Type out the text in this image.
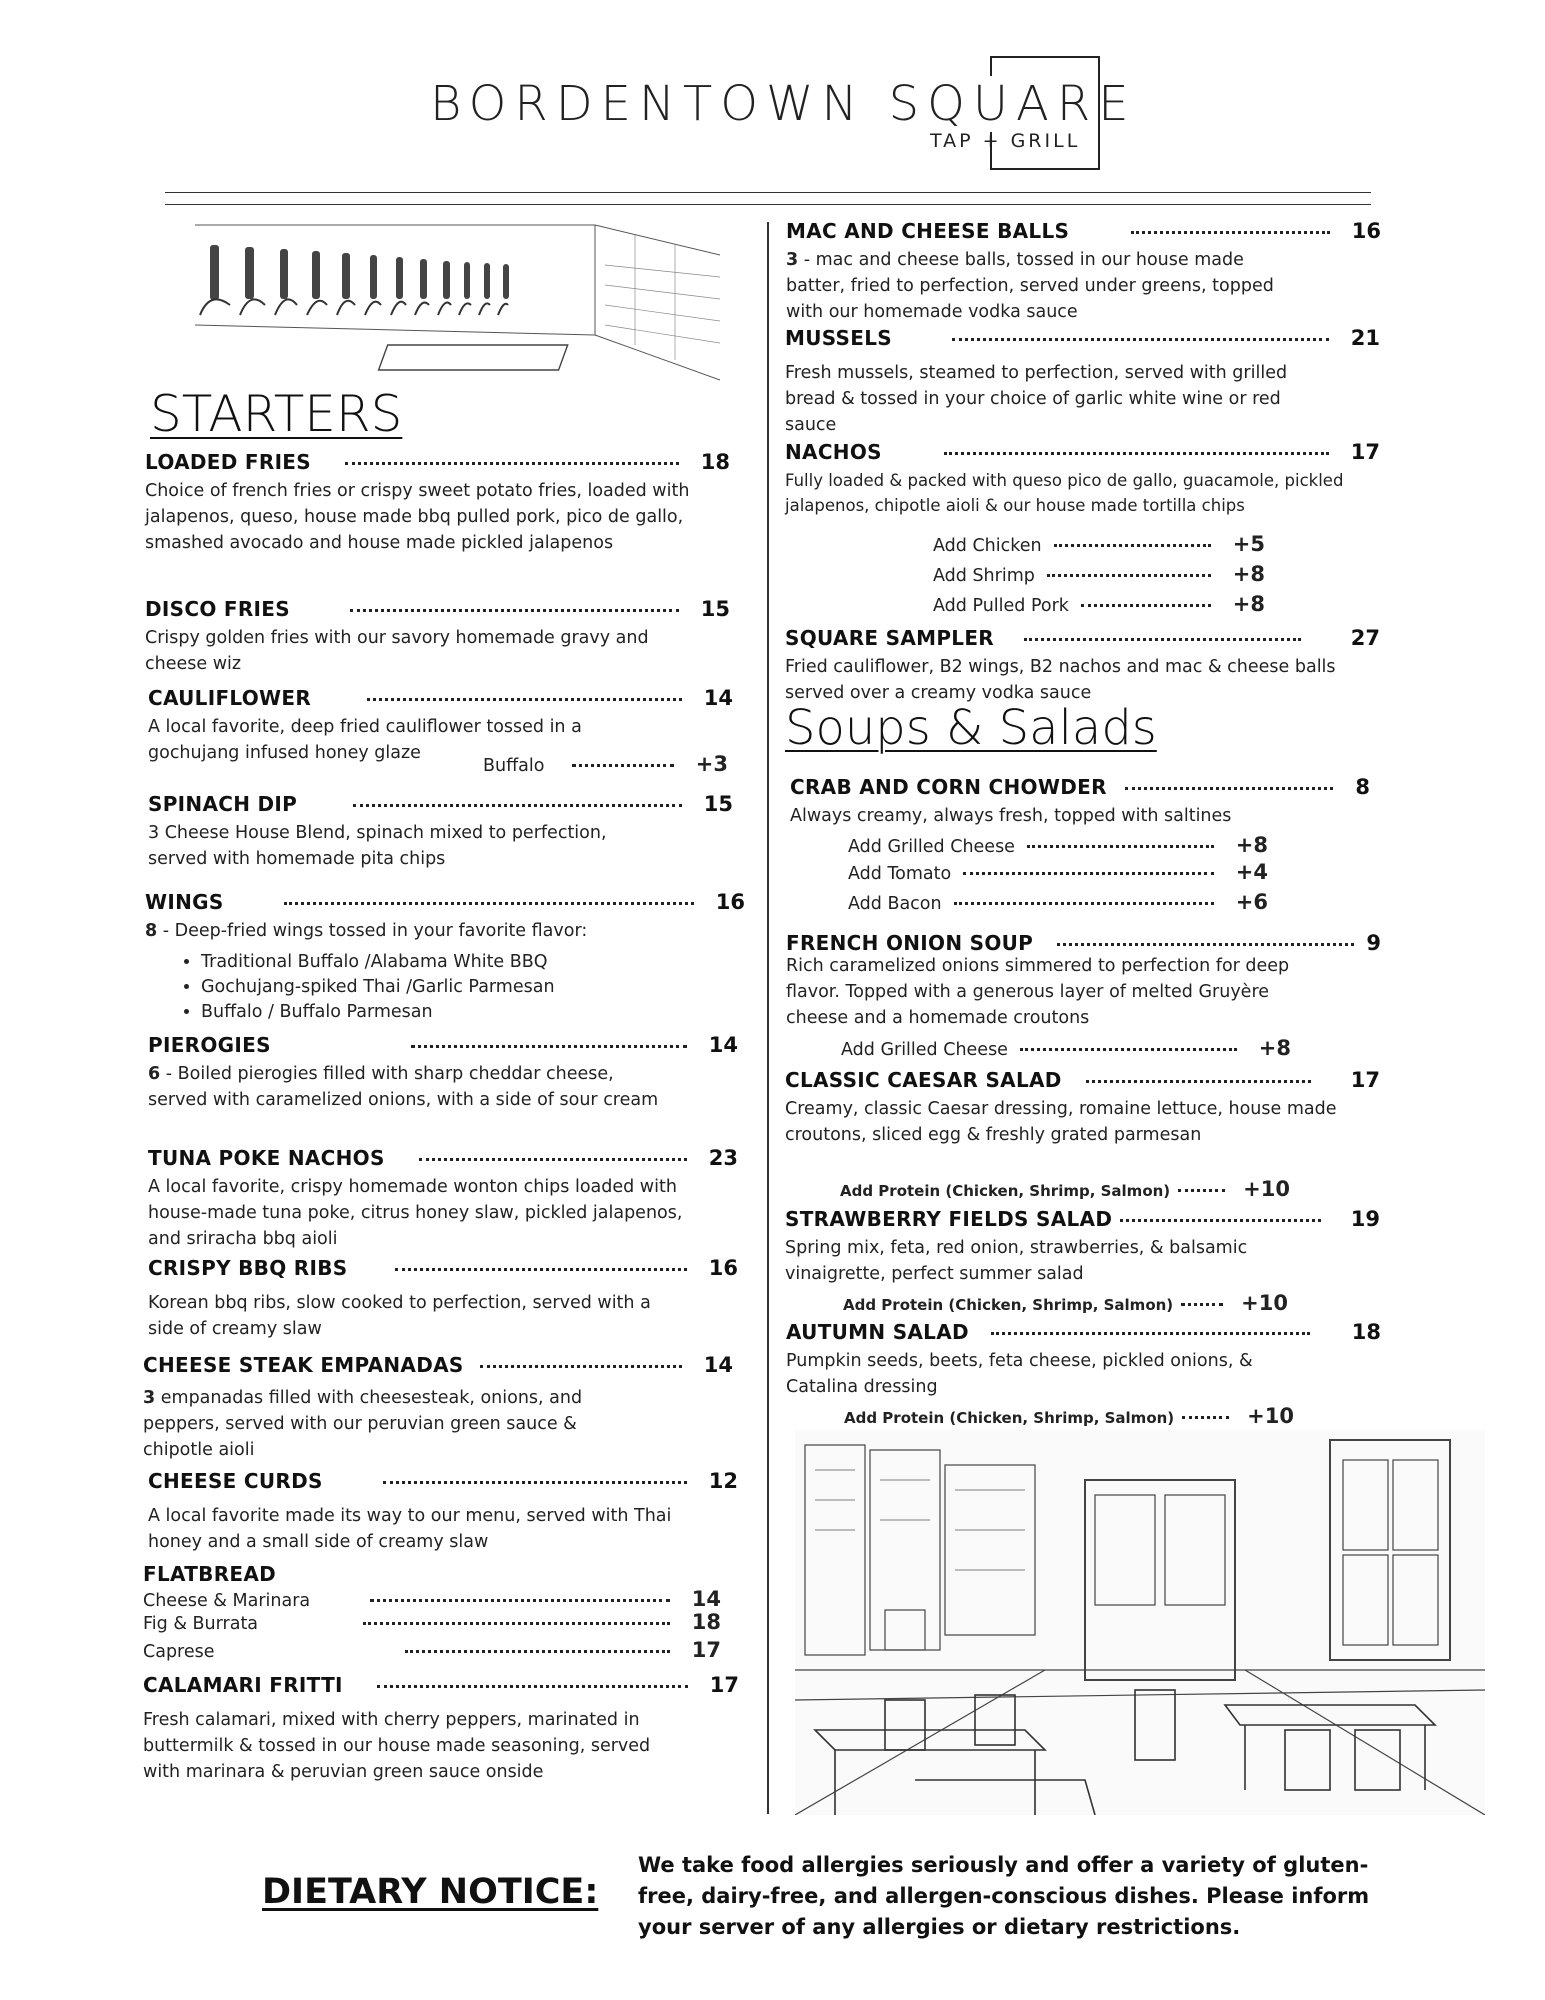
BORDENTOWN SQUARE
TAP + GRILL
STARTERS
LOADED FRIES	18
Choice of french fries or crispy sweet potato fries, loaded with jalapenos, queso, house made bbq pulled pork, pico de gallo, smashed avocado and house made pickled jalapenos
DISCO FRIES	15
Crispy golden fries with our savory homemade gravy and cheese wiz
CAULIFLOWER	14
A local favorite, deep fried cauliflower tossed in a gochujang infused honey glaze
Buffalo	+3
SPINACH DIP	15
3 Cheese House Blend, spinach mixed to perfection, served with homemade pita chips
WINGS	16
8 - Deep-fried wings tossed in your favorite flavor:
• Traditional Buffalo /Alabama White BBQ
• Gochujang-spiked Thai /Garlic Parmesan
• Buffalo / Buffalo Parmesan
PIEROGIES	14
6 - Boiled pierogies filled with sharp cheddar cheese, served with caramelized onions, with a side of sour cream
TUNA POKE NACHOS	23
A local favorite, crispy homemade wonton chips loaded with house-made tuna poke, citrus honey slaw, pickled jalapenos, and sriracha bbq aioli
CRISPY BBQ RIBS	16
Korean bbq ribs, slow cooked to perfection, served with a side of creamy slaw
CHEESE STEAK EMPANADAS	14
3 empanadas filled with cheesesteak, onions, and peppers, served with our peruvian green sauce & chipotle aioli
CHEESE CURDS	12
A local favorite made its way to our menu, served with Thai honey and a small side of creamy slaw
FLATBREAD
Cheese & Marinara	14
Fig & Burrata	18
Caprese	17
CALAMARI FRITTI	17
Fresh calamari, mixed with cherry peppers, marinated in buttermilk & tossed in our house made seasoning, served with marinara & peruvian green sauce onside
MAC AND CHEESE BALLS	16
3 - mac and cheese balls, tossed in our house made batter, fried to perfection, served under greens, topped with our homemade vodka sauce
MUSSELS	21
Fresh mussels, steamed to perfection, served with grilled bread & tossed in your choice of garlic white wine or red sauce
NACHOS	17
Fully loaded & packed with queso pico de gallo, guacamole, pickled jalapenos, chipotle aioli & our house made tortilla chips
Add Chicken	+5
Add Shrimp	+8
Add Pulled Pork	+8
SQUARE SAMPLER	27
Fried cauliflower, B2 wings, B2 nachos and mac & cheese balls served over a creamy vodka sauce
Soups & Salads
CRAB AND CORN CHOWDER	8
Always creamy, always fresh, topped with saltines
Add Grilled Cheese	+8
Add Tomato	+4
Add Bacon	+6
FRENCH ONION SOUP	9
Rich caramelized onions simmered to perfection for deep flavor. Topped with a generous layer of melted Gruyère cheese and a homemade croutons
Add Grilled Cheese	+8
CLASSIC CAESAR SALAD	17
Creamy, classic Caesar dressing, romaine lettuce, house made croutons, sliced egg & freshly grated parmesan
Add Protein (Chicken, Shrimp, Salmon)	+10
STRAWBERRY FIELDS SALAD	19
Spring mix, feta, red onion, strawberries, & balsamic vinaigrette, perfect summer salad
Add Protein (Chicken, Shrimp, Salmon)	+10
AUTUMN SALAD	18
Pumpkin seeds, beets, feta cheese, pickled onions, & Catalina dressing
Add Protein (Chicken, Shrimp, Salmon)	+10
DIETARY NOTICE:
We take food allergies seriously and offer a variety of gluten-free, dairy-free, and allergen-conscious dishes. Please inform your server of any allergies or dietary restrictions.
